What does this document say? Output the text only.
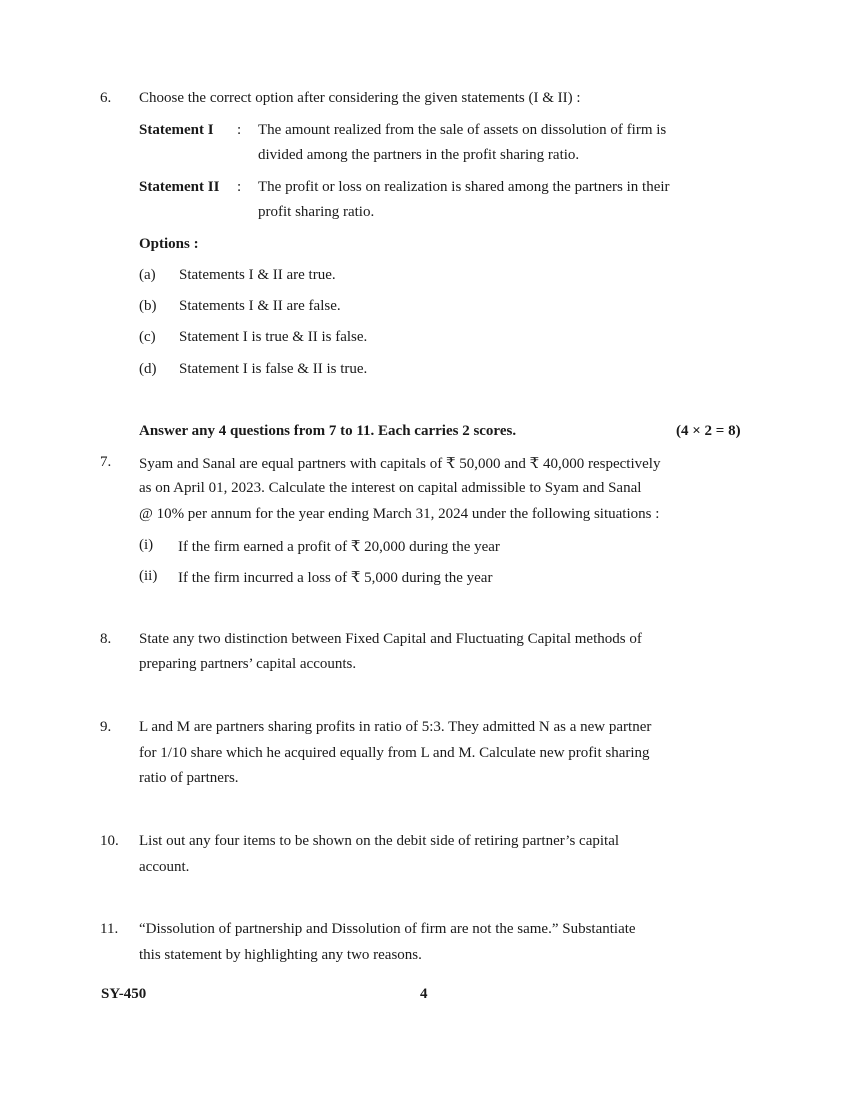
6. Choose the correct option after considering the given statements (I & II) :
Statement I : The amount realized from the sale of assets on dissolution of firm is
divided among the partners in the profit sharing ratio.
Statement II : The profit or loss on realization is shared among the partners in their
profit sharing ratio.
Options :
(a) Statements I & II are true.
(b) Statements I & II are false.
(c) Statement I is true & II is false.
(d) Statement I is false & II is true.
Answer any 4 questions from 7 to 11. Each carries 2 scores.	(4 × 2 = 8)
7. Syam and Sanal are equal partners with capitals of ₹ 50,000 and ₹ 40,000 respectively
as on April 01, 2023. Calculate the interest on capital admissible to Syam and Sanal
@ 10% per annum for the year ending March 31, 2024 under the following situations :
(i) If the firm earned a profit of ₹ 20,000 during the year
(ii) If the firm incurred a loss of ₹ 5,000 during the year
8. State any two distinction between Fixed Capital and Fluctuating Capital methods of
preparing partners’ capital accounts.
9. L and M are partners sharing profits in ratio of 5:3. They admitted N as a new partner
for 1/10 share which he acquired equally from L and M. Calculate new profit sharing
ratio of partners.
10. List out any four items to be shown on the debit side of retiring partner’s capital
account.
11. “Dissolution of partnership and Dissolution of firm are not the same.” Substantiate
this statement by highlighting any two reasons.
SY-450	4
